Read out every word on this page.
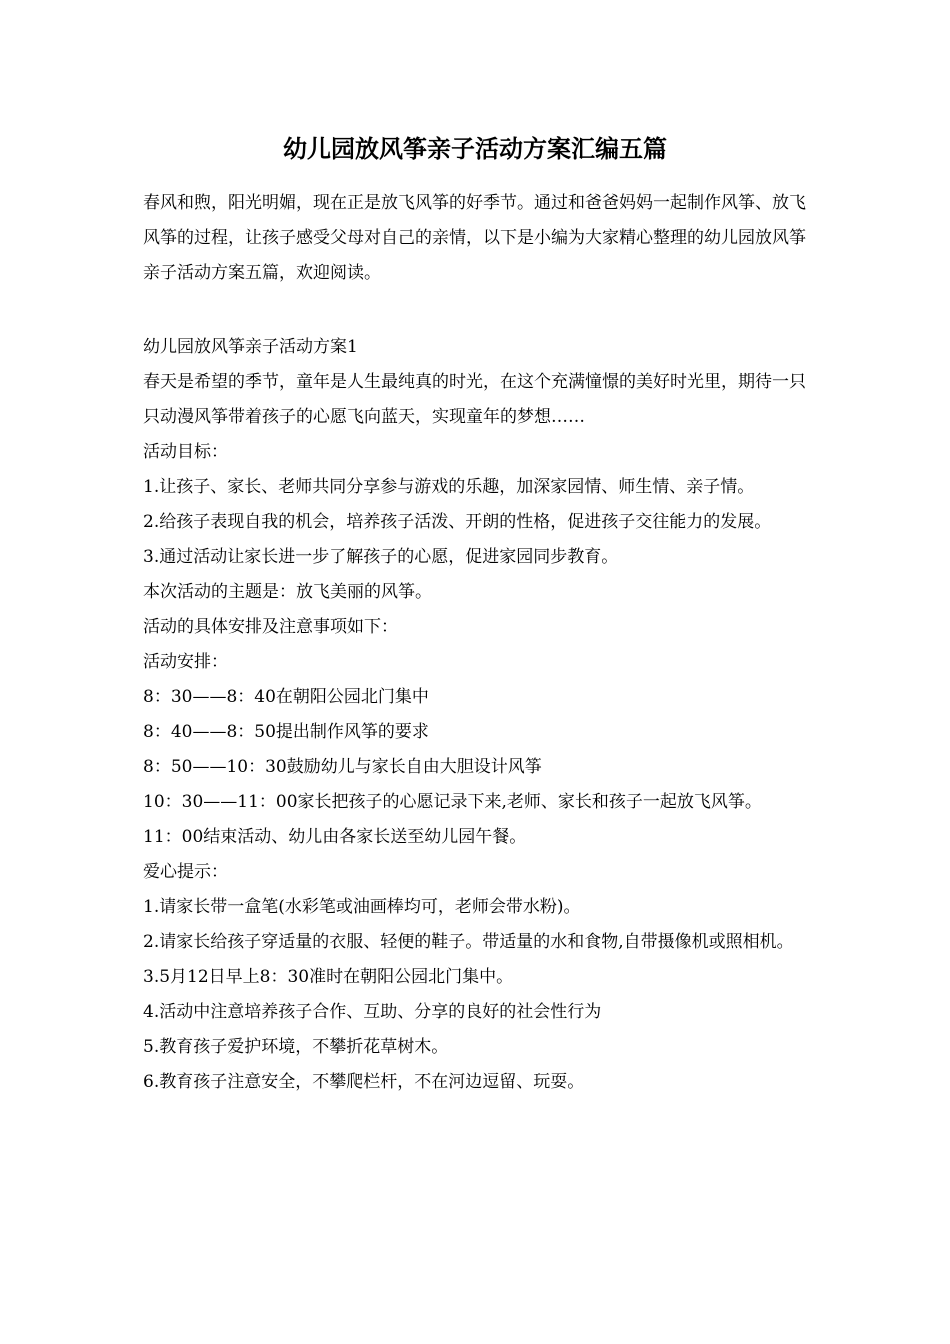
幼儿园放风筝亲子活动方案汇编五篇

春风和煦，阳光明媚，现在正是放飞风筝的好季节。通过和爸爸妈妈一起制作风筝、放飞风筝的过程，让孩子感受父母对自己的亲情，以下是小编为大家精心整理的幼儿园放风筝亲子活动方案五篇，欢迎阅读。

幼儿园放风筝亲子活动方案1

春天是希望的季节，童年是人生最纯真的时光，在这个充满憧憬的美好时光里，期待一只只动漫风筝带着孩子的心愿飞向蓝天，实现童年的梦想……

活动目标：

1.让孩子、家长、老师共同分享参与游戏的乐趣，加深家园情、师生情、亲子情。

2.给孩子表现自我的机会，培养孩子活泼、开朗的性格，促进孩子交往能力的发展。

3.通过活动让家长进一步了解孩子的心愿，促进家园同步教育。

本次活动的主题是：放飞美丽的风筝。

活动的具体安排及注意事项如下：

活动安排：

8：30——8：40在朝阳公园北门集中

8：40——8：50提出制作风筝的要求

8：50——10：30鼓励幼儿与家长自由大胆设计风筝

10：30——11：00家长把孩子的心愿记录下来,老师、家长和孩子一起放飞风筝。

11：00结束活动、幼儿由各家长送至幼儿园午餐。

爱心提示：

1.请家长带一盒笔(水彩笔或油画棒均可，老师会带水粉)。

2.请家长给孩子穿适量的衣服、轻便的鞋子。带适量的水和食物,自带摄像机或照相机。

3.5月12日早上8：30准时在朝阳公园北门集中。

4.活动中注意培养孩子合作、互助、分享的良好的社会性行为

5.教育孩子爱护环境，不攀折花草树木。

6.教育孩子注意安全，不攀爬栏杆，不在河边逗留、玩耍。
